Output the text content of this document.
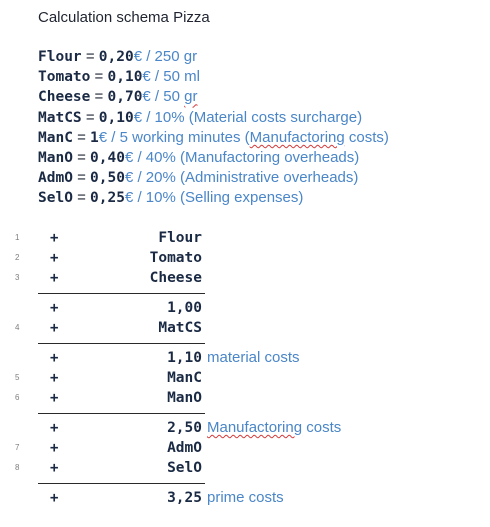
Calculation schema Pizza
Flour = 0,20€ / 250 gr
Tomato = 0,10€ / 50 ml
Cheese = 0,70€ / 50 gr
MatCS = 0,10€ / 10% (Material costs surcharge)
ManC = 1€ / 5 working minutes (Manufactoring costs)
ManO = 0,40€ / 40% (Manufactoring overheads)
AdmO = 0,50€ / 20% (Administrative overheads)
SelO = 0,25€ / 10% (Selling expenses)
1	+	Flour
2	+	Tomato
3	+	Cheese
+	1,00
4	+	MatCS
+	1,10 material costs
5	+	ManC
6	+	ManO
+	2,50 Manufactoring costs
7	+	AdmO
8	+	SelO
+	3,25 prime costs
